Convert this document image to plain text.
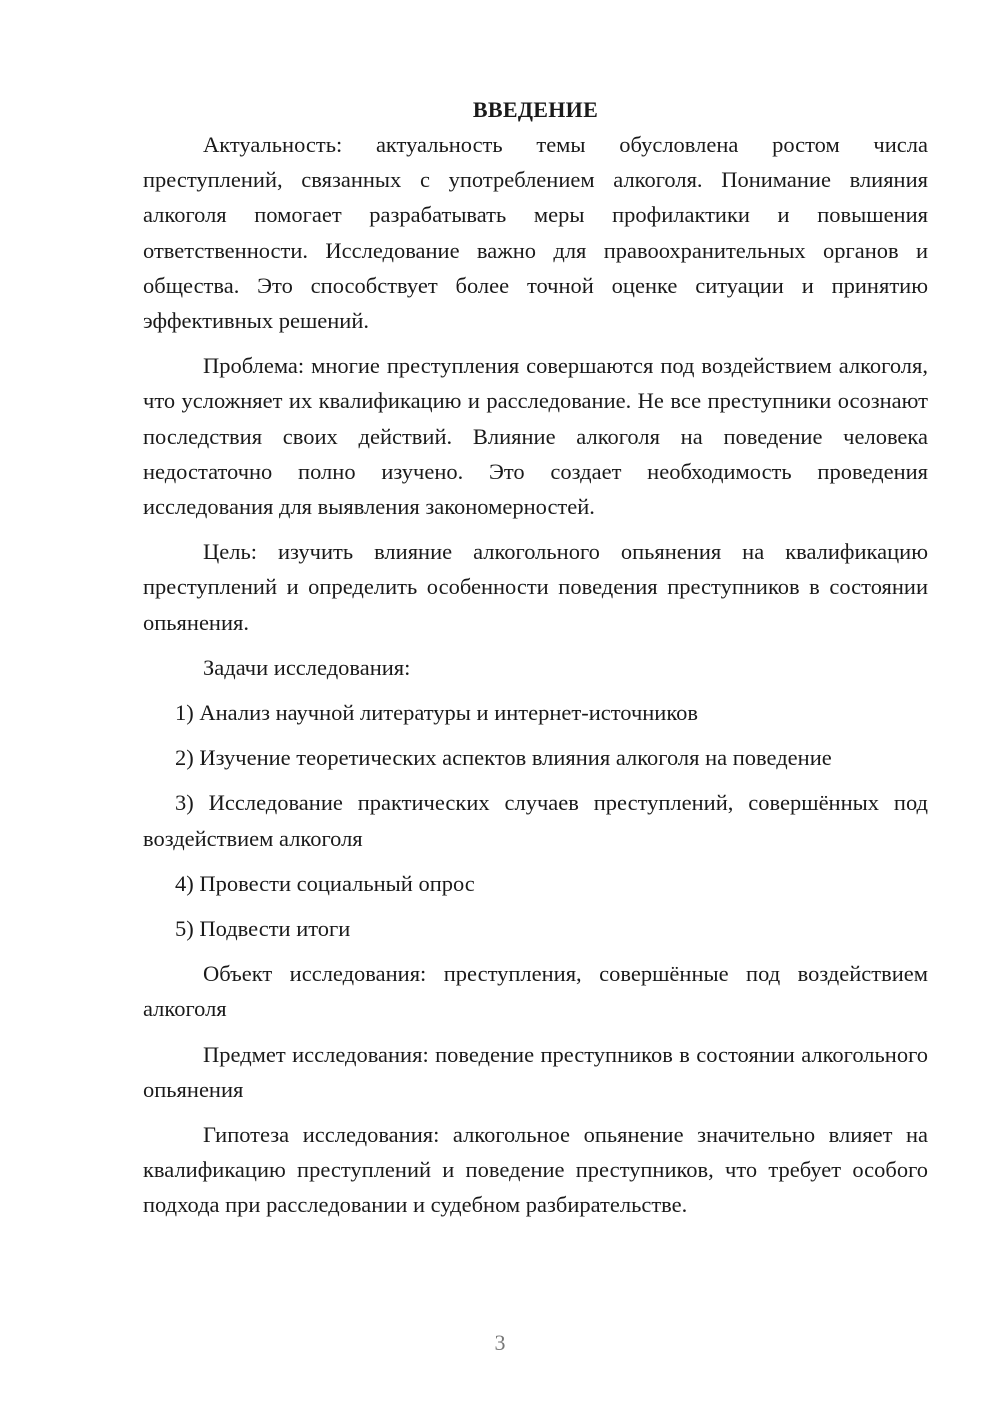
ВВЕДЕНИЕ

Актуальность: актуальность темы обусловлена ростом числа преступлений, связанных с употреблением алкоголя. Понимание влияния алкоголя помогает разрабатывать меры профилактики и повышения ответственности. Исследование важно для правоохранительных органов и общества. Это способствует более точной оценке ситуации и принятию эффективных решений.

Проблема: многие преступления совершаются под воздействием алкоголя, что усложняет их квалификацию и расследование. Не все преступники осознают последствия своих действий. Влияние алкоголя на поведение человека недостаточно полно изучено. Это создает необходимость проведения исследования для выявления закономерностей.

Цель: изучить влияние алкогольного опьянения на квалификацию преступлений и определить особенности поведения преступников в состоянии опьянения.

Задачи исследования:

1) Анализ научной литературы и интернет-источников

2) Изучение теоретических аспектов влияния алкоголя на поведение

3) Исследование практических случаев преступлений, совершённых под воздействием алкоголя

4) Провести социальный опрос

5) Подвести итоги

Объект исследования: преступления, совершённые под воздействием алкоголя

Предмет исследования: поведение преступников в состоянии алкогольного опьянения

Гипотеза исследования: алкогольное опьянение значительно влияет на квалификацию преступлений и поведение преступников, что требует особого подхода при расследовании и судебном разбирательстве.

3
